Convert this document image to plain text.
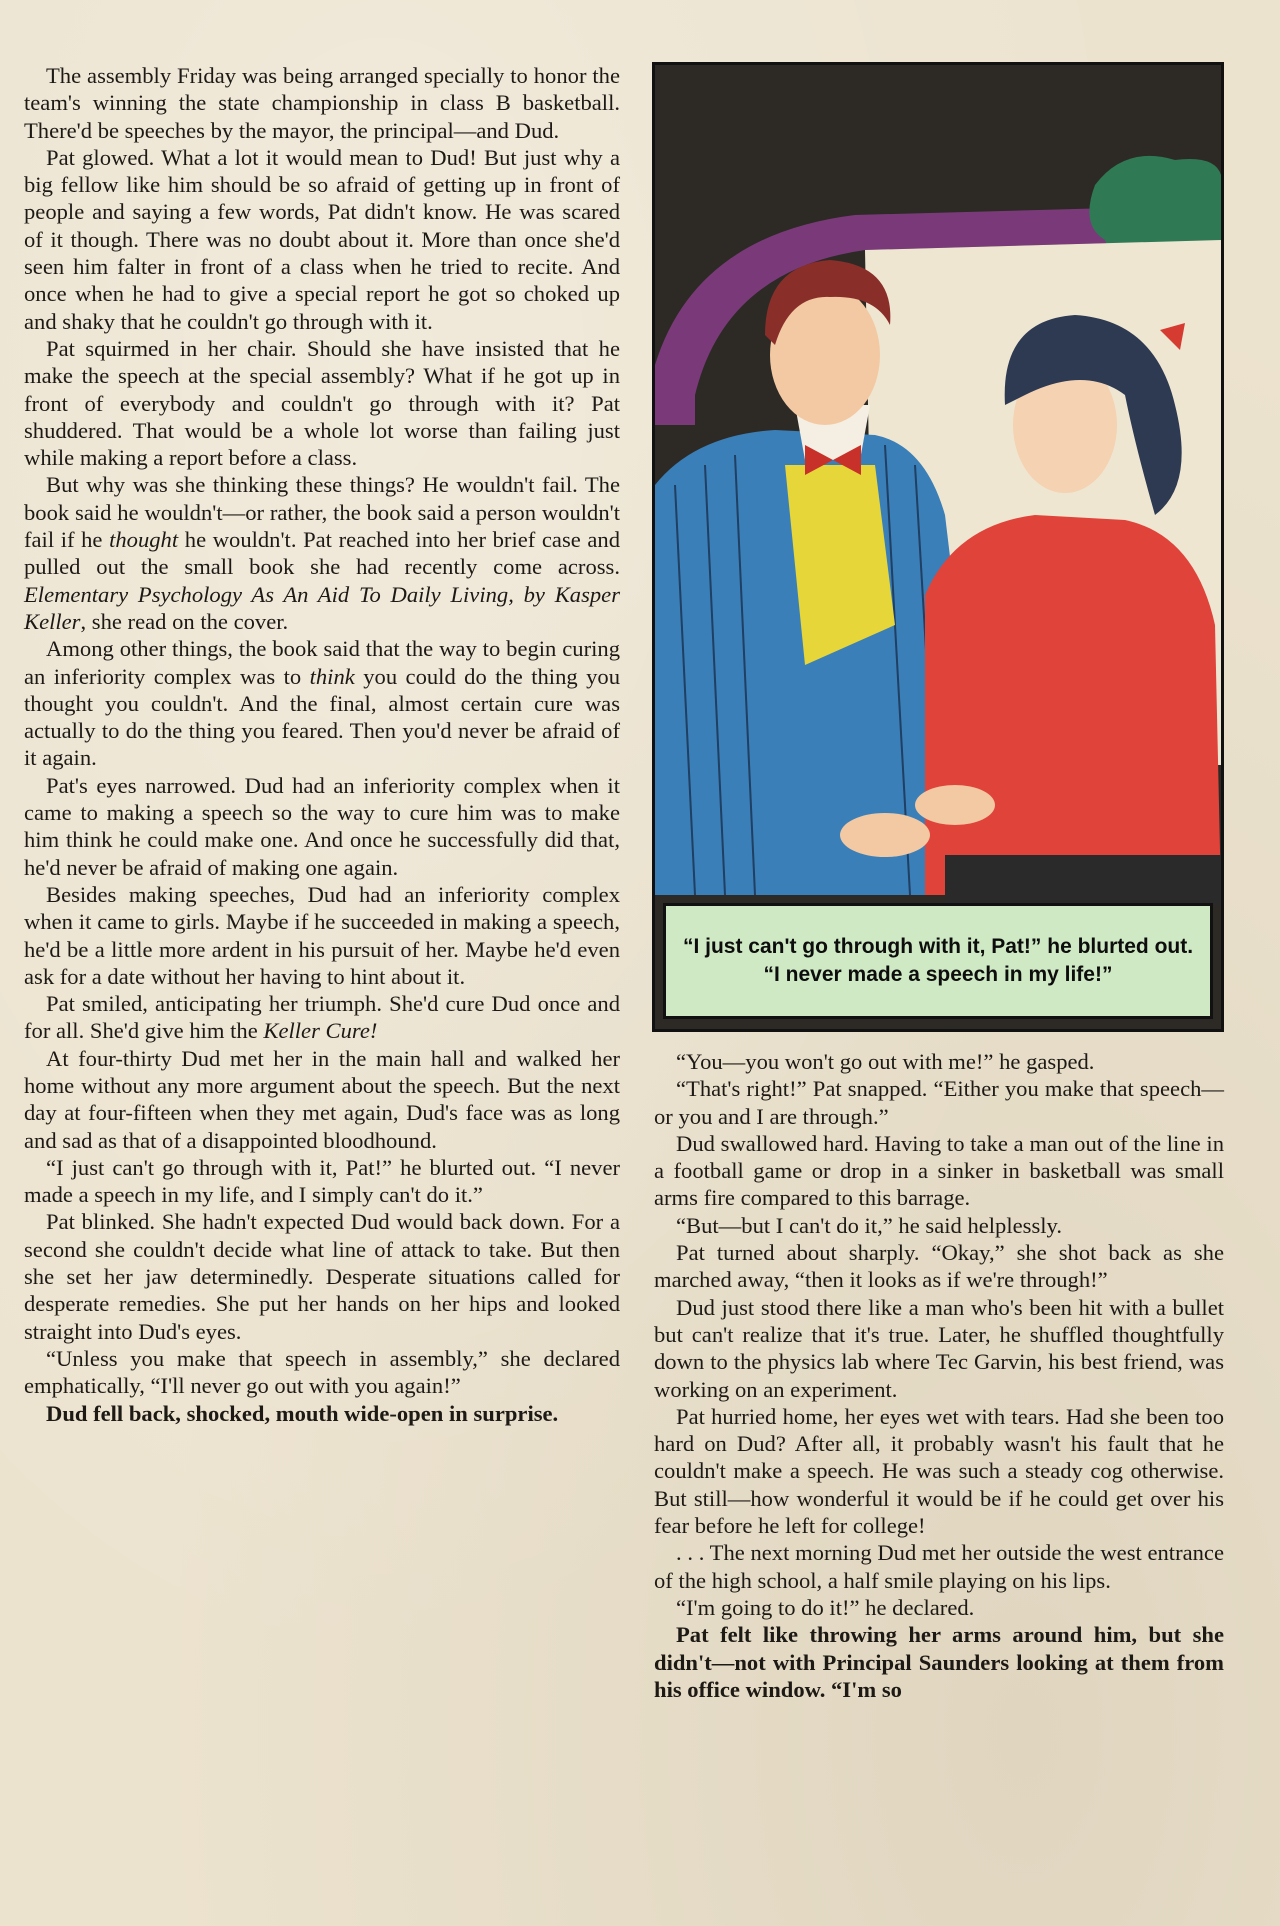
The assembly Friday was being arranged specially to honor the team's winning the state championship in class B basketball. There'd be speeches by the mayor, the principal—and Dud.

Pat glowed. What a lot it would mean to Dud! But just why a big fellow like him should be so afraid of getting up in front of people and saying a few words, Pat didn't know. He was scared of it though. There was no doubt about it. More than once she'd seen him falter in front of a class when he tried to recite. And once when he had to give a special report he got so choked up and shaky that he couldn't go through with it.

Pat squirmed in her chair. Should she have insisted that he make the speech at the special assembly? What if he got up in front of everybody and couldn't go through with it? Pat shuddered. That would be a whole lot worse than failing just while making a report before a class.

But why was she thinking these things? He wouldn't fail. The book said he wouldn't—or rather, the book said a person wouldn't fail if he thought he wouldn't. Pat reached into her brief case and pulled out the small book she had recently come across. Elementary Psychology As An Aid To Daily Living, by Kasper Keller, she read on the cover.

Among other things, the book said that the way to begin curing an inferiority complex was to think you could do the thing you thought you couldn't. And the final, almost certain cure was actually to do the thing you feared. Then you'd never be afraid of it again.

Pat's eyes narrowed. Dud had an inferiority complex when it came to making a speech so the way to cure him was to make him think he could make one. And once he successfully did that, he'd never be afraid of making one again.

Besides making speeches, Dud had an inferiority complex when it came to girls. Maybe if he succeeded in making a speech, he'd be a little more ardent in his pursuit of her. Maybe he'd even ask for a date without her having to hint about it.

Pat smiled, anticipating her triumph. She'd cure Dud once and for all. She'd give him the Keller Cure!

At four-thirty Dud met her in the main hall and walked her home without any more argument about the speech. But the next day at four-fifteen when they met again, Dud's face was as long and sad as that of a disappointed bloodhound.

“I just can't go through with it, Pat!” he blurted out. “I never made a speech in my life, and I simply can't do it.”

Pat blinked. She hadn't expected Dud would back down. For a second she couldn't decide what line of attack to take. But then she set her jaw determinedly. Desperate situations called for desperate remedies. She put her hands on her hips and looked straight into Dud's eyes.

“Unless you make that speech in assembly,” she declared emphatically, “I'll never go out with you again!”

Dud fell back, shocked, mouth wide-open in surprise.

“I just can't go through with it, Pat!” he blurted out. “I never made a speech in my life!”

“You—you won't go out with me!” he gasped.

“That's right!” Pat snapped. “Either you make that speech—or you and I are through.”

Dud swallowed hard. Having to take a man out of the line in a football game or drop in a sinker in basketball was small arms fire compared to this barrage.

“But—but I can't do it,” he said helplessly.

Pat turned about sharply. “Okay,” she shot back as she marched away, “then it looks as if we're through!”

Dud just stood there like a man who's been hit with a bullet but can't realize that it's true. Later, he shuffled thoughtfully down to the physics lab where Tec Garvin, his best friend, was working on an experiment.

Pat hurried home, her eyes wet with tears. Had she been too hard on Dud? After all, it probably wasn't his fault that he couldn't make a speech. He was such a steady cog otherwise. But still—how wonderful it would be if he could get over his fear before he left for college!

. . . The next morning Dud met her outside the west entrance of the high school, a half smile playing on his lips.

“I'm going to do it!” he declared.

Pat felt like throwing her arms around him, but she didn't—not with Principal Saunders looking at them from his office window. “I'm so
